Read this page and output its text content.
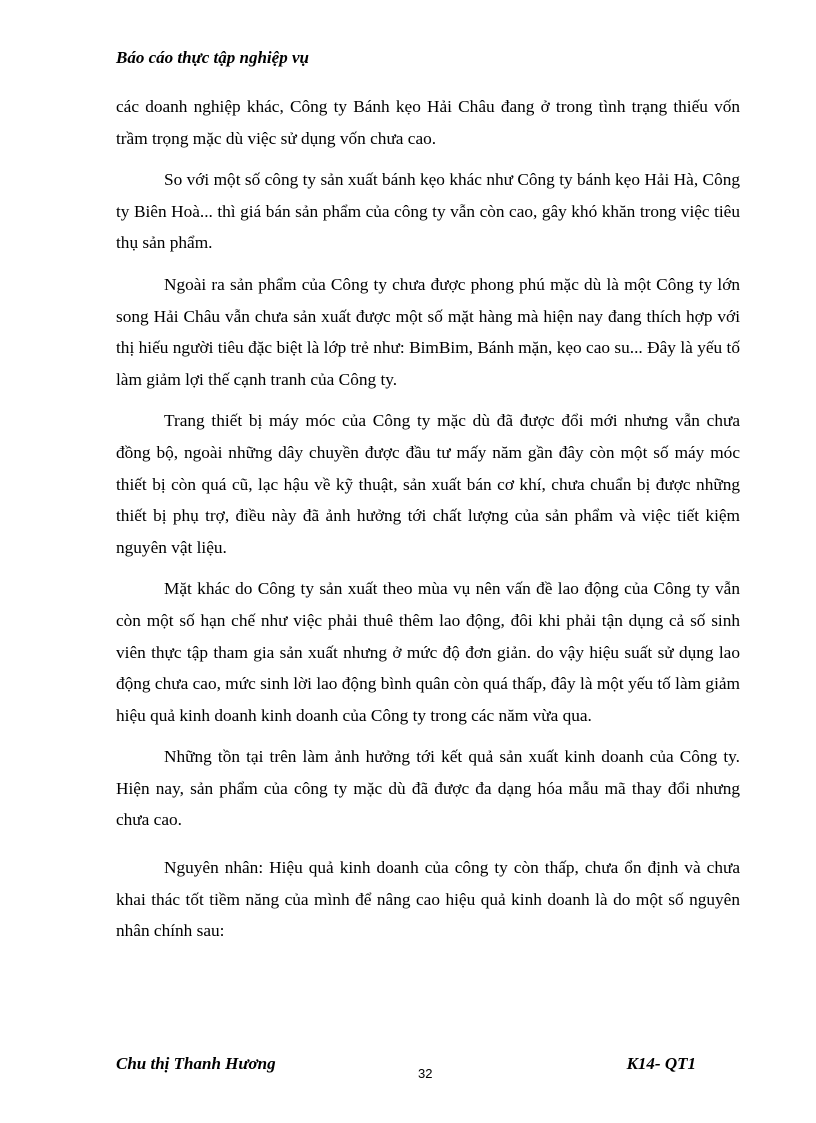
Báo cáo thực tập nghiệp vụ

các doanh nghiệp khác, Công ty Bánh kẹo Hải Châu đang ở trong tình trạng thiếu vốn trầm trọng mặc dù việc sử dụng vốn chưa cao.

So với một số công ty sản xuất bánh kẹo khác như Công ty bánh kẹo Hải Hà, Công ty Biên Hoà... thì giá bán sản phẩm của công ty vẫn còn cao, gây khó khăn trong việc tiêu thụ sản phẩm.

Ngoài ra sản phẩm của Công ty chưa được phong phú mặc dù là một Công ty lớn song Hải Châu vẫn chưa sản xuất được một số mặt hàng mà hiện nay đang thích hợp với thị hiếu người tiêu đặc biệt là lớp trẻ như: BimBim, Bánh mặn, kẹo cao su... Đây là yếu tố làm giảm lợi thế cạnh tranh của Công ty.

Trang thiết bị máy móc của Công ty mặc dù đã được đổi mới nhưng vẫn chưa đồng bộ, ngoài những dây chuyền được đầu tư mấy năm gần đây còn một số máy móc thiết bị còn quá cũ, lạc hậu về kỹ thuật, sản xuất bán cơ khí, chưa chuẩn bị được những thiết bị phụ trợ, điều này đã ảnh hưởng tới chất lượng của sản phẩm và việc tiết kiệm nguyên vật liệu.

Mặt khác do Công ty sản xuất theo mùa vụ nên vấn đề lao động của Công ty vẫn còn một số hạn chế như việc phải thuê thêm lao động, đôi khi phải tận dụng cả số sinh viên thực tập tham gia sản xuất nhưng ở mức độ đơn giản. do vậy hiệu suất sử dụng lao động chưa cao, mức sinh lời lao động bình quân còn quá thấp, đây là một yếu tố làm giảm hiệu quả kinh doanh kinh doanh của Công ty trong các năm vừa qua.

Những tồn tại trên làm ảnh hưởng tới kết quả sản xuất kinh doanh của Công ty. Hiện nay, sản phẩm của công ty mặc dù đã được đa dạng hóa mẫu mã thay đổi nhưng chưa cao.

Nguyên nhân: Hiệu quả kinh doanh của công ty còn thấp, chưa ổn định và chưa khai thác tốt tiềm năng của mình để nâng cao hiệu quả kinh doanh là do một số nguyên nhân chính sau:

Chu thị Thanh Hương
32
K14- QT1
